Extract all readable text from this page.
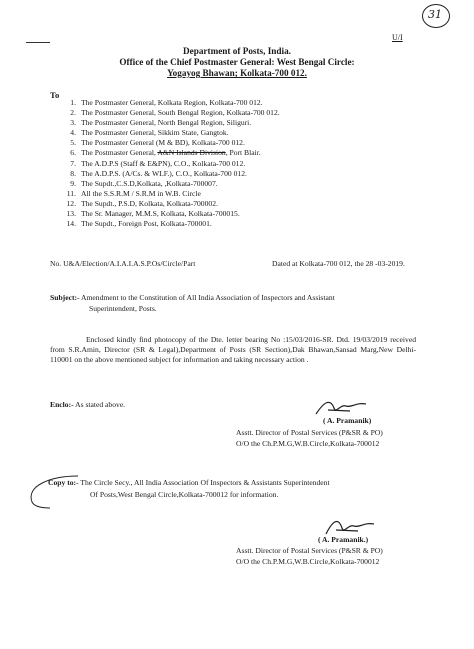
U/I
31
Department of Posts, India.
Office of the Chief Postmaster General: West Bengal Circle:
Yogayog Bhawan; Kolkata-700 012.
To
1. The Postmaster General, Kolkata Region, Kolkata-700 012.
2. The Postmaster General, South Bengal Region, Kolkata-700 012.
3. The Postmaster General, North Bengal Region, Siliguri.
4. The Postmaster General, Sikkim State, Gangtok.
5. The Postmaster General (M & BD), Kolkata-700 012.
6. The Postmaster General, A&N Islands Division, Port Blair.
7. The A.D.P.S (Staff & E&PN), C.O., Kolkata-700 012.
8. The A.D.P.S. (A/Cs. & WLF.), C.O., Kolkata-700 012.
9. The Supdt.,C.S.D,Kolkata, ,Kolkata-700007.
11. All the S.S.R.M / S.R.M in W.B. Circle
12. The Supdt., P.S.D, Kolkata, Kolkata-700002.
13. The Sr. Manager, M.M.S, Kolkata, Kolkata-700015.
14. The Supdt., Foreign Post, Kolkata-700001.
No. U&A/Election/A.I.A.I.A.S.P.Os/Circle/Part	Dated at Kolkata-700 012, the 28 -03-2019.
Subject:- Amendment to the Constitution of All India Association of Inspectors and Assistant
Superintendent, Posts.
Enclosed kindly find photocopy of the Dte. letter bearing No :15/03/2016-SR. Dtd. 19/03/2019 received from S.R.Amin, Director (SR & Legal),Department of Posts (SR Section),Dak Bhawan,Sansad Marg,New Delhi-110001 on the above mentioned subject for information and taking necessary action .
Enclo:- As stated above.
( A. Pramanik)
Asstt. Director of Postal Services (P&SR & PO)
O/O the Ch.P.M.G,W.B.Circle,Kolkata-700012
Copy to:- The Circle Secy., All India Association Of Inspectors & Assistants Superintendent
Of Posts,West Bengal Circle,Kolkata-700012 for information.
( A. Pramanik.)
Asstt. Director of Postal Services (P&SR & PO)
O/O the Ch.P.M.G,W.B.Circle,Kolkata-700012
